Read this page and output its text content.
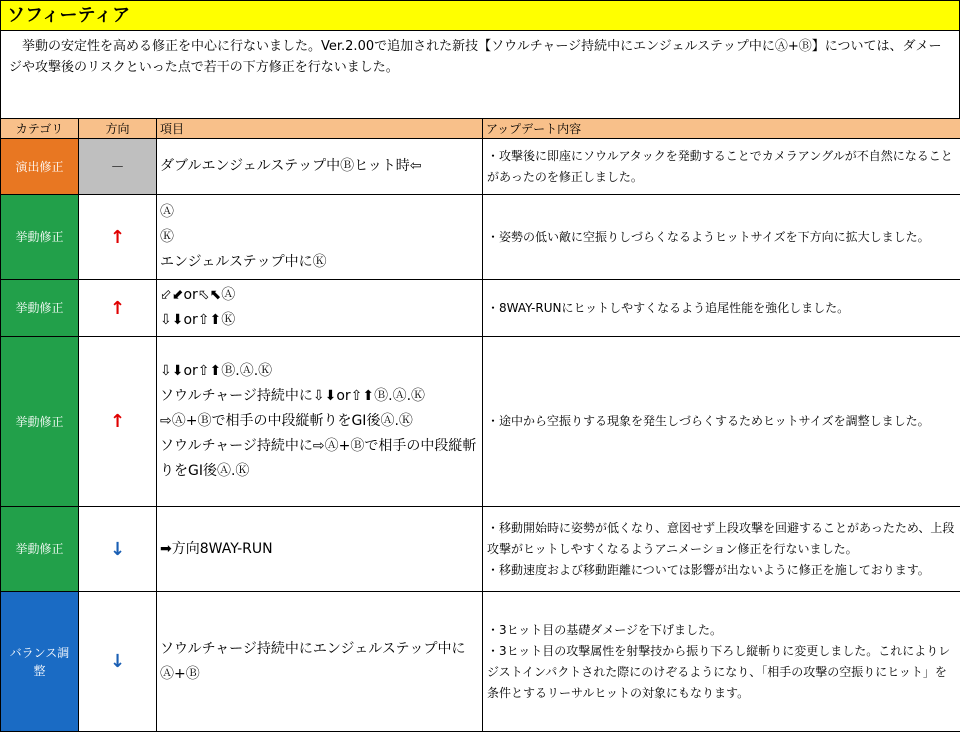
ソフィーティア
挙動の安定性を高める修正を中心に行ないました。Ver.2.00で追加された新技【ソウルチャージ持続中にエンジェルステップ中にⒶ+Ⓑ】については、ダメージや攻撃後のリスクといった点で若干の下方修正を行ないました。
カテゴリ	方向	項目	アップデート内容
演出修正	－	ダブルエンジェルステップ中Ⓑヒット時⇦	・攻撃後に即座にソウルアタックを発動することでカメラアングルが不自然になることがあったのを修正しました。

挙動修正	↑	Ⓐ
Ⓚ
エンジェルステップ中にⓀ	・姿勢の低い敵に空振りしづらくなるようヒットサイズを下方向に拡大しました。

挙動修正	↑	⬃⬋or⬁⬉Ⓐ
⇩⬇or⇧⬆Ⓚ	・8WAY-RUNにヒットしやすくなるよう追尾性能を強化しました。

挙動修正	↑	⇩⬇or⇧⬆Ⓑ.Ⓐ.Ⓚ
ソウルチャージ持続中に⇩⬇or⇧⬆Ⓑ.Ⓐ.Ⓚ
⇨Ⓐ+Ⓑで相手の中段縦斬りをGI後Ⓐ.Ⓚ
ソウルチャージ持続中に⇨Ⓐ+Ⓑで相手の中段縦斬りをGI後Ⓐ.Ⓚ	・途中から空振りする現象を発生しづらくするためヒットサイズを調整しました。

挙動修正	↓	➡方向8WAY-RUN	・移動開始時に姿勢が低くなり、意図せず上段攻撃を回避することがあったため、上段攻撃がヒットしやすくなるようアニメーション修正を行ないました。
・移動速度および移動距離については影響が出ないように修正を施しております。

バランス調整	↓	ソウルチャージ持続中にエンジェルステップ中にⒶ+Ⓑ	・3ヒット目の基礎ダメージを下げました。
・3ヒット目の攻撃属性を射撃技から振り下ろし縦斬りに変更しました。これによりレジストインパクトされた際にのけぞるようになり、「相手の攻撃の空振りにヒット」を条件とするリーサルヒットの対象にもなります。
